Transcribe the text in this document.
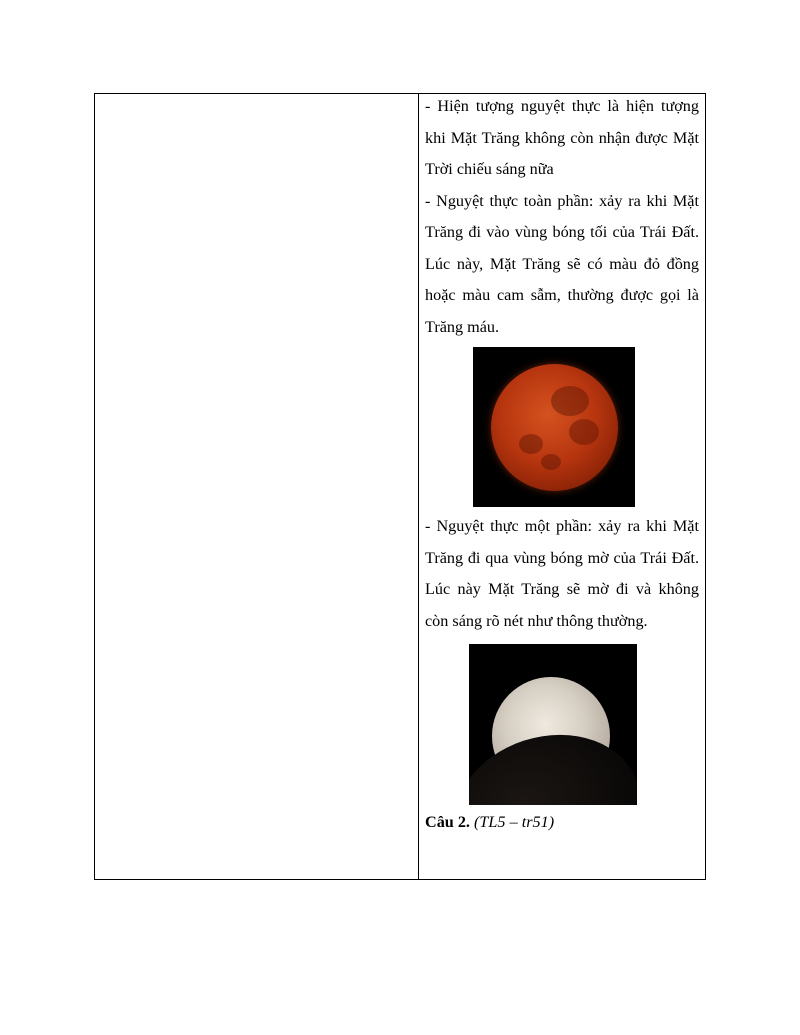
- Hiện tượng nguyệt thực là hiện tượng khi Mặt Trăng không còn nhận được Mặt Trời chiếu sáng nữa

- Nguyệt thực toàn phần: xảy ra khi Mặt Trăng đi vào vùng bóng tối của Trái Đất. Lúc này, Mặt Trăng sẽ có màu đỏ đồng hoặc màu cam sẫm, thường được gọi là Trăng máu.

- Nguyệt thực một phần: xảy ra khi Mặt Trăng đi qua vùng bóng mờ của Trái Đất. Lúc này Mặt Trăng sẽ mờ đi và không còn sáng rõ nét như thông thường.

Câu 2. (TL5 – tr51)
